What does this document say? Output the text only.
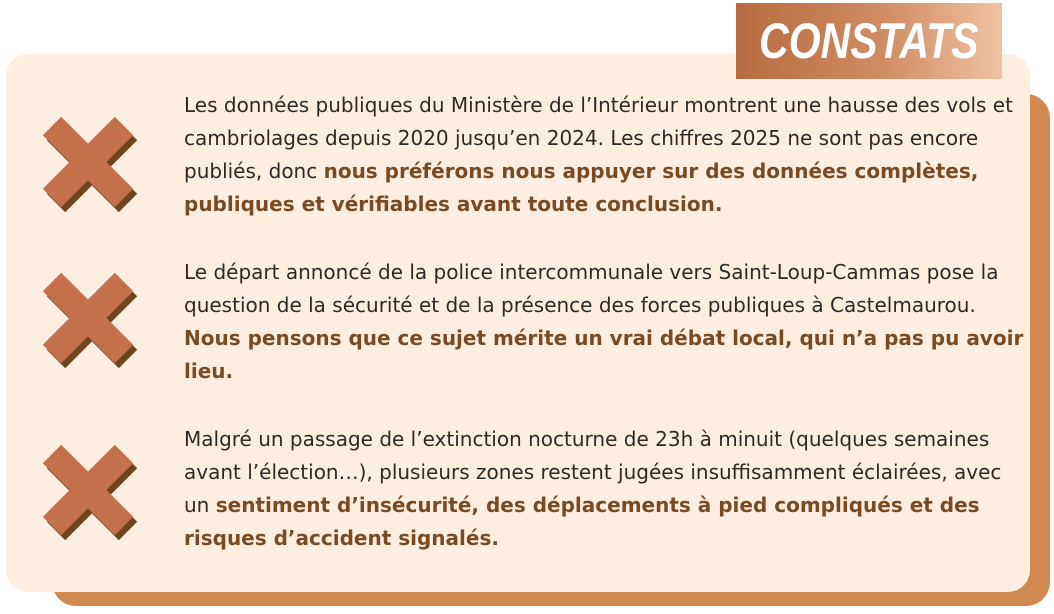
CONSTATS
Les données publiques du Ministère de l’Intérieur montrent une hausse des vols et cambriolages depuis 2020 jusqu’en 2024. Les chiffres 2025 ne sont pas encore publiés, donc nous préférons nous appuyer sur des données complètes, publiques et vérifiables avant toute conclusion.
Le départ annoncé de la police intercommunale vers Saint-Loup-Cammas pose la question de la sécurité et de la présence des forces publiques à Castelmaurou. Nous pensons que ce sujet mérite un vrai débat local, qui n’a pas pu avoir lieu.
Malgré un passage de l’extinction nocturne de 23h à minuit (quelques semaines avant l’élection…), plusieurs zones restent jugées insuffisamment éclairées, avec un sentiment d’insécurité, des déplacements à pied compliqués et des risques d’accident signalés.
